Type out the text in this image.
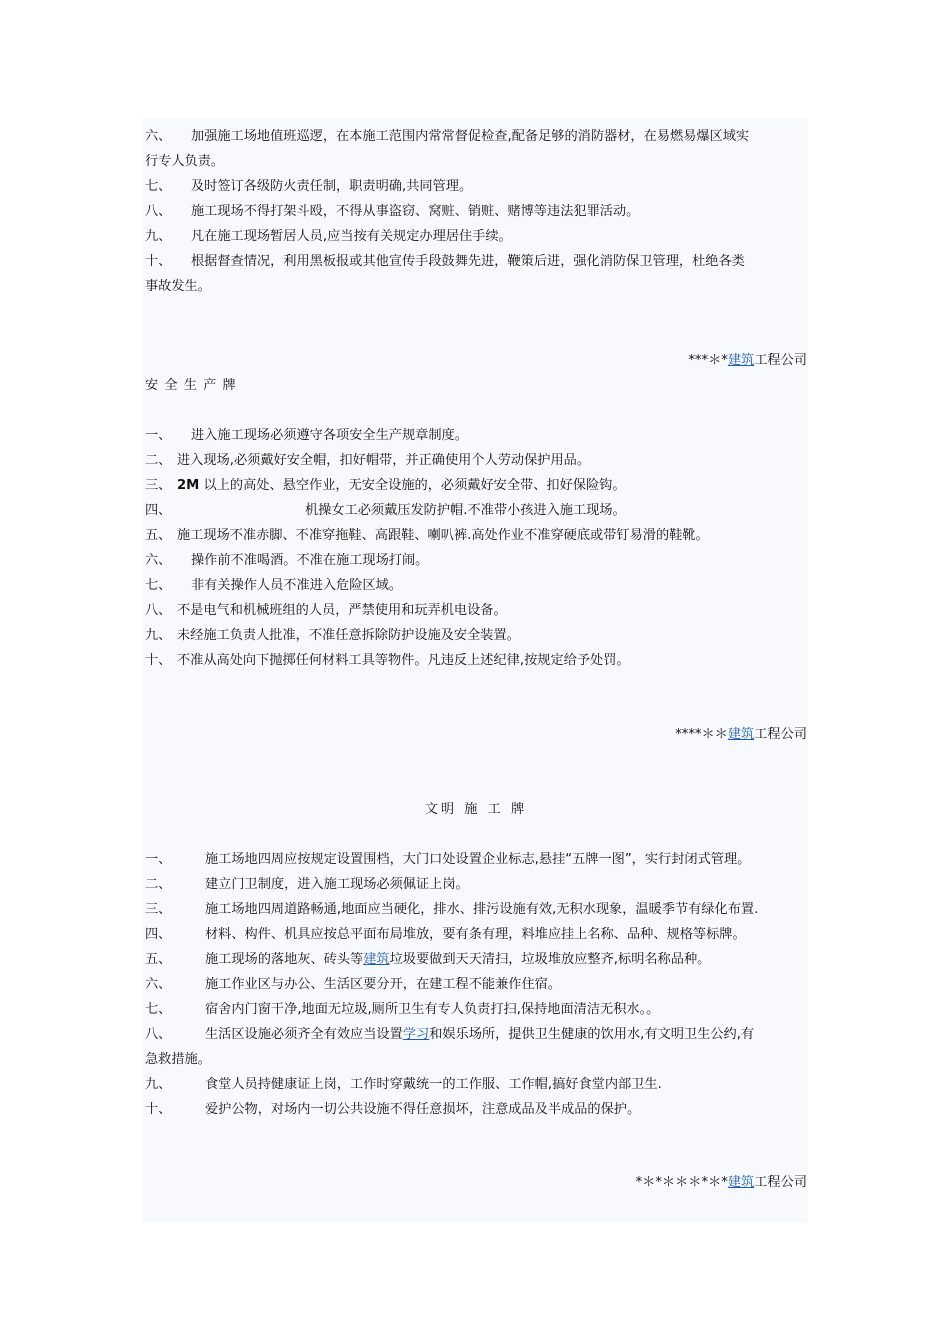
六、 加强施工场地值班巡逻，在本施工范围内常常督促检查,配备足够的消防器材，在易燃易爆区域实
行专人负责。
七、 及时签订各级防火责任制，职责明确,共同管理。
八、 施工现场不得打架斗殴，不得从事盗窃、窝赃、销赃、赌博等违法犯罪活动。
九、 凡在施工现场暂居人员,应当按有关规定办理居住手续。
十、 根据督查情况，利用黑板报或其他宣传手段鼓舞先进，鞭策后进，强化消防保卫管理，杜绝各类
事故发生。
***＊*建筑工程公司
安 全 生 产 牌
一、 进入施工现场必须遵守各项安全生产规章制度。
二、 进入现场,必须戴好安全帽，扣好帽带，并正确使用个人劳动保护用品。
三、 2M 以上的高处、悬空作业，无安全设施的，必须戴好安全带、扣好保险钩。
四、	机操女工必须戴压发防护帽.不准带小孩进入施工现场。
五、 施工现场不准赤脚、不准穿拖鞋、高跟鞋、喇叭裤.高处作业不准穿硬底或带钉易滑的鞋靴。
六、 操作前不准喝酒。不准在施工现场打闹。
七、 非有关操作人员不准进入危险区域。
八、 不是电气和机械班组的人员，严禁使用和玩弄机电设备。
九、 未经施工负责人批准，不准任意拆除防护设施及安全装置。
十、 不准从高处向下抛掷任何材料工具等物件。凡违反上述纪律,按规定给予处罚。
****＊＊建筑工程公司
文明 施 工 牌
一、	施工场地四周应按规定设置围档，大门口处设置企业标志,悬挂“五牌一图”，实行封闭式管理。
二、	建立门卫制度，进入施工现场必须佩证上岗。
三、	施工场地四周道路畅通,地面应当硬化，排水、排污设施有效,无积水现象，温暖季节有绿化布置.
四、	材料、构件、机具应按总平面布局堆放，要有条有理，料堆应挂上名称、品种、规格等标牌。
五、	施工现场的落地灰、砖头等建筑垃圾要做到天天清扫，垃圾堆放应整齐,标明名称品种。
六、	施工作业区与办公、生活区要分开，在建工程不能兼作住宿。
七、	宿舍内门窗干净,地面无垃圾,厕所卫生有专人负责打扫,保持地面清洁无积水。。
八、	生活区设施必须齐全有效应当设置学习和娱乐场所，提供卫生健康的饮用水,有文明卫生公约,有
急救措施。
九、	食堂人员持健康证上岗，工作时穿戴统一的工作服、工作帽,搞好食堂内部卫生.
十、	爱护公物，对场内一切公共设施不得任意损坏，注意成品及半成品的保护。
*＊*＊＊＊*＊*建筑工程公司
